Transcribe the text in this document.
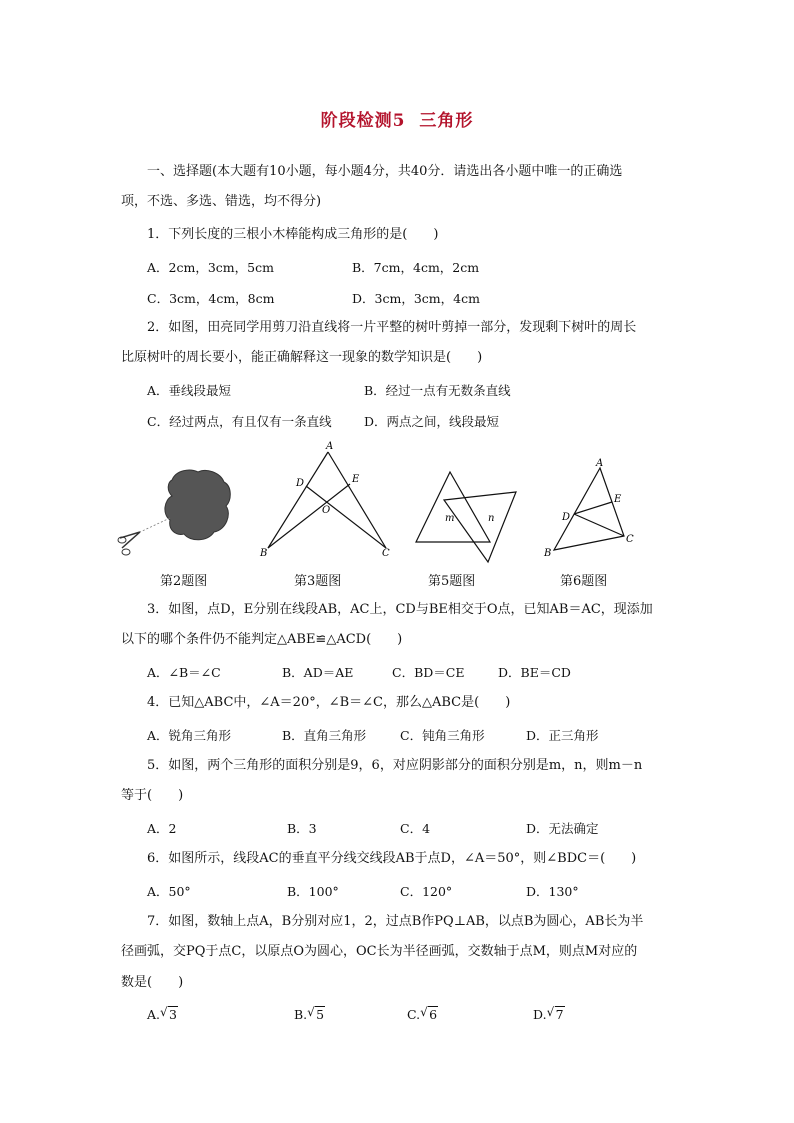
阶段检测5 三角形
一、选择题(本大题有10小题，每小题4分，共40分．请选出各小题中唯一的正确选
项，不选、多选、错选，均不得分)
1．下列长度的三根小木棒能构成三角形的是(　　)
A．2cm，3cm，5cm	B．7cm，4cm，2cm
C．3cm，4cm，8cm	D．3cm，3cm，4cm
2．如图，田亮同学用剪刀沿直线将一片平整的树叶剪掉一部分，发现剩下树叶的周长
比原树叶的周长要小，能正确解释这一现象的数学知识是(　　)
A．垂线段最短	B．经过一点有无数条直线
C．经过两点，有且仅有一条直线	D．两点之间，线段最短
A
D	E
O
B	C
m	n
A
E
D
B
C
第2题图	第3题图	第5题图	第6题图
3．如图，点D，E分别在线段AB，AC上，CD与BE相交于O点，已知AB＝AC，现添加
以下的哪个条件仍不能判定△ABE≌△ACD(　　)
A．∠B＝∠C	B．AD＝AE	C．BD＝CE	D．BE＝CD
4．已知△ABC中，∠A＝20°，∠B＝∠C，那么△ABC是(　　)
A．锐角三角形	B．直角三角形	C．钝角三角形	D．正三角形
5．如图，两个三角形的面积分别是9，6，对应阴影部分的面积分别是m，n，则m－n
等于(　　)
A．2	B．3	C．4	D．无法确定
6．如图所示，线段AC的垂直平分线交线段AB于点D，∠A＝50°，则∠BDC＝(　　)
A．50°	B．100°	C．120°	D．130°
7．如图，数轴上点A，B分别对应1，2，过点B作PQ⊥AB，以点B为圆心，AB长为半
径画弧，交PQ于点C，以原点O为圆心，OC长为半径画弧，交数轴于点M，则点M对应的
数是(　　)
A. √ 3	B. √ 5	C. √ 6	D. √ 7
